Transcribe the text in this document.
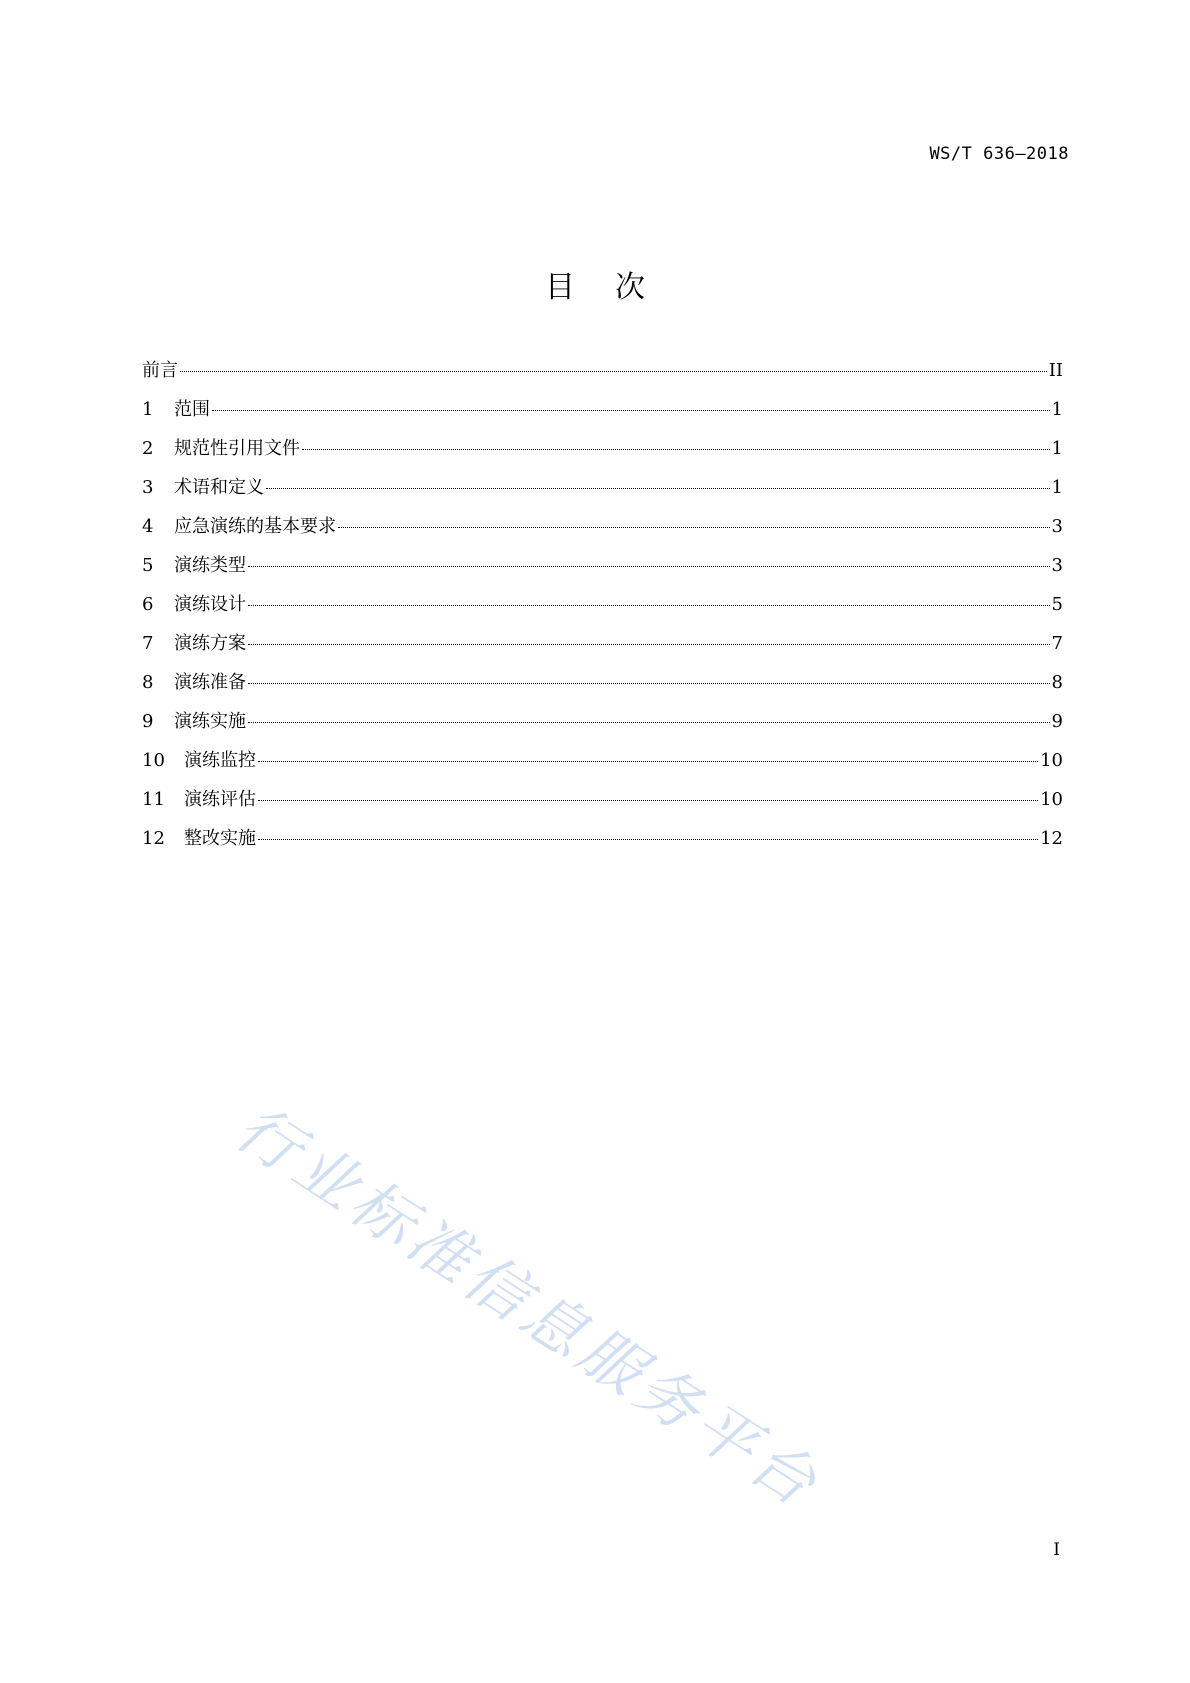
WS/T 636—2018
目次
前言	II
1	范围	1
2	规范性引用文件	1
3	术语和定义	1
4	应急演练的基本要求	3
5	演练类型	3
6	演练设计	5
7	演练方案	7
8	演练准备	8
9	演练实施	9
10	演练监控	10
11	演练评估	10
12	整改实施	12
行业标准信息服务平台
I
